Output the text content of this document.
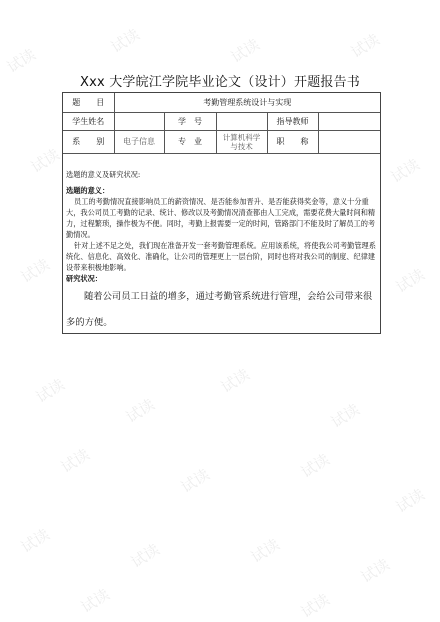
试读
试读	试读	试读
试读	试读
试读	试读
试读
试读
试读
试读
试读
试读	试读
试读
试读	试读	试读
试读
试读	试读
Xxx 大学皖江学院毕业论文（设计）开题报告书
题　　目	考勤管理系统设计与实现				
学生姓名		学　号		指导教师	
系　　别	电子信息	专　业	计算机科学与技术	职　　称	

选题的意义及研究状况:

选题的意义：

员工的考勤情况直接影响员工的薪资情况、是否能参加晋升、是否能获得奖金等，意义十分重大，我公司员工考勤的记录、统计、修改以及考勤情况清查都由人工完成，需要花费大量时间和精力，过程繁琐，操作极为不便。同时，考勤上报需要一定的时间，管路部门不能及时了解员工的考勤情况。

针对上述不足之处，我们现在准备开发一套考勤管理系统。应用该系统，将使我公司考勤管理系统化、信息化、高效化、准确化，让公司的管理更上一层台阶，同时也将对我公司的制度、纪律建设带来积极地影响。

研究状况：

随着公司员工日益的增多，通过考勤管系统进行管理，会给公司带来很多的方便。
